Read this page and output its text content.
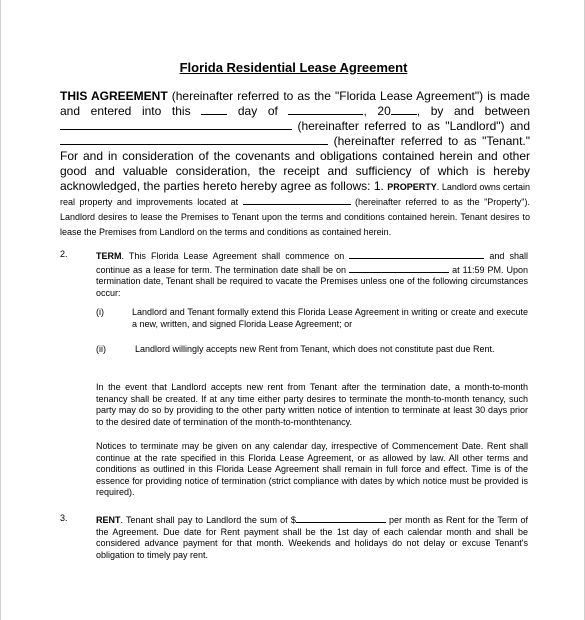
Florida Residential Lease Agreement
THIS AGREEMENT (hereinafter referred to as the "Florida Lease Agreement") is made and entered into this  day of	, 20 , by and between  (hereinafter referred to as "Landlord") and  (hereinafter referred to as "Tenant." For and in consideration of the covenants and obligations contained herein and other good and valuable consideration, the receipt and sufficiency of which is hereby acknowledged, the parties hereto hereby agree as follows: 1. PROPERTY. Landlord owns certain real property and improvements located at	(hereinafter referred to as the "Property"). Landlord desires to lease the Premises to Tenant upon the terms and conditions contained herein. Tenant desires to lease the Premises from Landlord on the terms and conditions as contained herein.
2.	TERM. This Florida Lease Agreement shall commence on	and shall continue as a lease for term. The termination date shall be on	at 11:59 PM. Upon termination date, Tenant shall be required to vacate the Premises unless one of the following circumstances occur:
(i)	Landlord and Tenant formally extend this Florida Lease Agreement in writing or create and execute a new, written, and signed Florida Lease Agreement; or
(ii)	Landlord willingly accepts new Rent from Tenant, which does not constitute past due Rent.
In the event that Landlord accepts new rent from Tenant after the termination date, a month-to-month tenancy shall be created. If at any time either party desires to terminate the month-to-month tenancy, such party may do so by providing to the other party written notice of intention to terminate at least 30 days prior to the desired date of termination of the month-to-monthtenancy.
Notices to terminate may be given on any calendar day, irrespective of Commencement Date. Rent shall continue at the rate specified in this Florida Lease Agreement, or as allowed by law. All other terms and conditions as outlined in this Florida Lease Agreement shall remain in full force and effect. Time is of the essence for providing notice of termination (strict compliance with dates by which notice must be provided is required).
3.	RENT. Tenant shall pay to Landlord the sum of $	per month as Rent for the Term of the Agreement. Due date for Rent payment shall be the 1st day of each calendar month and shall be considered advance payment for that month. Weekends and holidays do not delay or excuse Tenant's obligation to timely pay rent.
